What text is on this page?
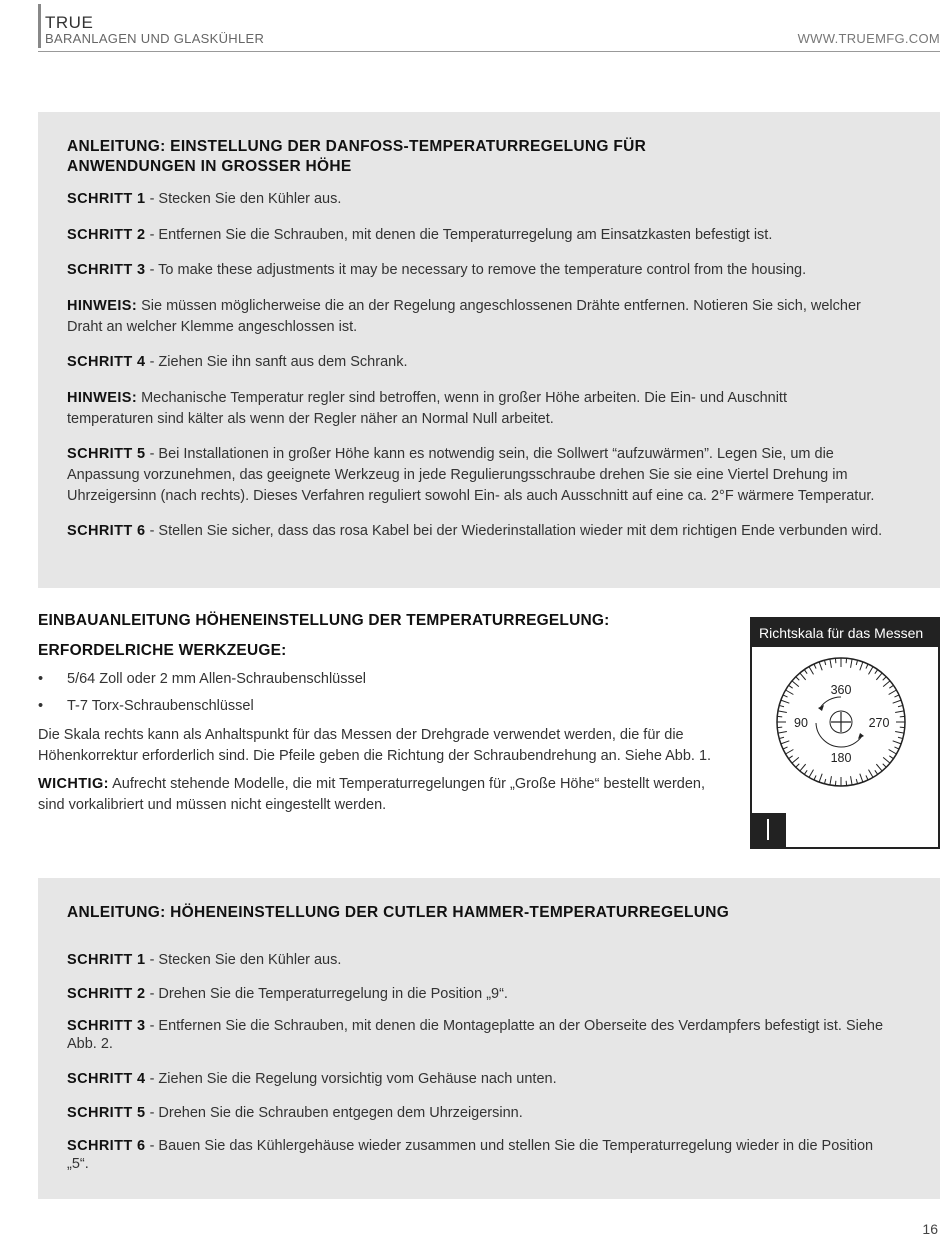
TRUE
BARANLAGEN UND GLASKÜHLER	WWW.TRUEMFG.COM
ANLEITUNG: EINSTELLUNG DER DANFOSS-TEMPERATURREGELUNG FÜR
ANWENDUNGEN IN GROSSER HÖHE
SCHRITT 1 - Stecken Sie den Kühler aus.
SCHRITT 2 - Entfernen Sie die Schrauben, mit denen die Temperaturregelung am Einsatzkasten befestigt ist.
SCHRITT 3 - To make these adjustments it may be necessary to remove the temperature control from the housing.
HINWEIS: Sie müssen möglicherweise die an der Regelung angeschlossenen Drähte entfernen. Notieren Sie sich, welcher
Draht an welcher Klemme angeschlossen ist.
SCHRITT 4 - Ziehen Sie ihn sanft aus dem Schrank.
HINWEIS: Mechanische Temperatur regler sind betroffen, wenn in großer Höhe arbeiten. Die Ein- und Auschnitt
temperaturen sind kälter als wenn der Regler näher an Normal Null arbeitet.
SCHRITT 5 - Bei Installationen in großer Höhe kann es notwendig sein, die Sollwert “aufzuwärmen”. Legen Sie, um die
Anpassung vorzunehmen, das geeignete Werkzeug in jede Regulierungsschraube drehen Sie sie eine Viertel Drehung im
Uhrzeigersinn (nach rechts). Dieses Verfahren reguliert sowohl Ein- als auch Ausschnitt auf eine ca. 2°F wärmere Temperatur.
SCHRITT 6 - Stellen Sie sicher, dass das rosa Kabel bei der Wiederinstallation wieder mit dem richtigen Ende verbunden wird.
EINBAUANLEITUNG HÖHENEINSTELLUNG DER TEMPERATURREGELUNG:
ERFORDELRICHE WERKZEUGE:
• 5/64 Zoll oder 2 mm Allen-Schraubenschlüssel
• T-7 Torx-Schraubenschlüssel
Die Skala rechts kann als Anhaltspunkt für das Messen der Drehgrade verwendet werden, die für die
Höhenkorrektur erforderlich sind. Die Pfeile geben die Richtung der Schraubendrehung an. Siehe Abb. 1.
WICHTIG: Aufrecht stehende Modelle, die mit Temperaturregelungen für „Große Höhe“ bestellt werden,
sind vorkalibriert und müssen nicht eingestellt werden.
Richtskala für das Messen
360
90	270
180
ANLEITUNG: HÖHENEINSTELLUNG DER CUTLER HAMMER-TEMPERATURREGELUNG
SCHRITT 1 - Stecken Sie den Kühler aus.
SCHRITT 2 - Drehen Sie die Temperaturregelung in die Position „9“.
SCHRITT 3 - Entfernen Sie die Schrauben, mit denen die Montageplatte an der Oberseite des Verdampfers befestigt ist. Siehe
Abb. 2.
SCHRITT 4 - Ziehen Sie die Regelung vorsichtig vom Gehäuse nach unten.
SCHRITT 5 - Drehen Sie die Schrauben entgegen dem Uhrzeigersinn.
SCHRITT 6 - Bauen Sie das Kühlergehäuse wieder zusammen und stellen Sie die Temperaturregelung wieder in die Position
„5“.
16
